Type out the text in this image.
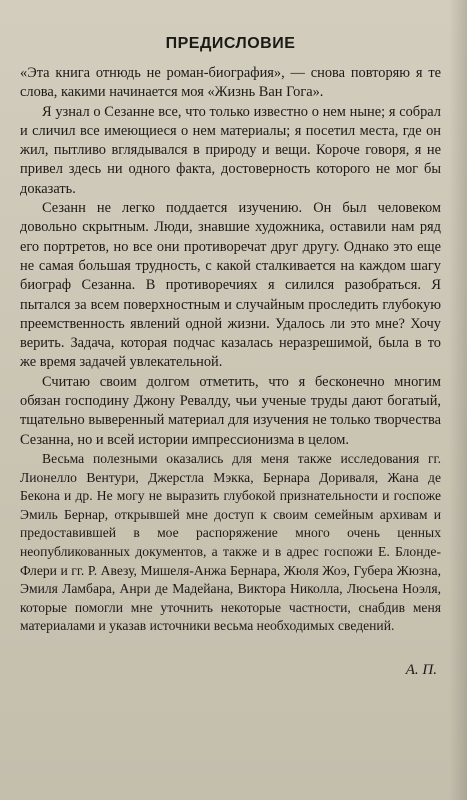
ПРЕДИСЛОВИЕ

«Эта книга отнюдь не роман-биография», — снова повторяю я те слова, какими начинается моя «Жизнь Ван Гога».

Я узнал о Сезанне все, что только известно о нем ныне; я собрал и сличил все имеющиеся о нем материалы; я посетил места, где он жил, пытливо вглядывался в природу и вещи. Короче говоря, я не привел здесь ни одного факта, достоверность которого не мог бы доказать.

Сезанн не легко поддается изучению. Он был человеком довольно скрытным. Люди, знавшие художника, оставили нам ряд его портретов, но все они противоречат друг другу. Однако это еще не самая большая трудность, с какой сталкивается на каждом шагу биограф Сезанна. В противоречиях я силился разобраться. Я пытался за всем поверхностным и случайным проследить глубокую преемственность явлений одной жизни. Удалось ли это мне? Хочу верить. Задача, которая подчас казалась неразрешимой, была в то же время задачей увлекательной.

Считаю своим долгом отметить, что я бесконечно многим обязан господину Джону Ревалду, чьи ученые труды дают богатый, тщательно выверенный материал для изучения не только творчества Сезанна, но и всей истории импрессионизма в целом.

Весьма полезными оказались для меня также исследования гг. Лионелло Вентури, Джерстла Мэкка, Бернара Дориваля, Жана де Бекона и др. Не могу не выразить глубокой признательности и госпоже Эмиль Бернар, открывшей мне доступ к своим семейным архивам и предоставившей в мое распоряжение много очень ценных неопубликованных документов, а также и в адрес госпожи Е. Блонде-Флери и гг. Р. Авезу, Мишеля-Анжа Бернара, Жюля Жоэ, Губера Жюзна, Эмиля Ламбара, Анри де Мадейана, Виктора Николла, Люсьена Ноэля, которые помогли мне уточнить некоторые частности, снабдив меня материалами и указав источники весьма необходимых сведений.

А. П.
